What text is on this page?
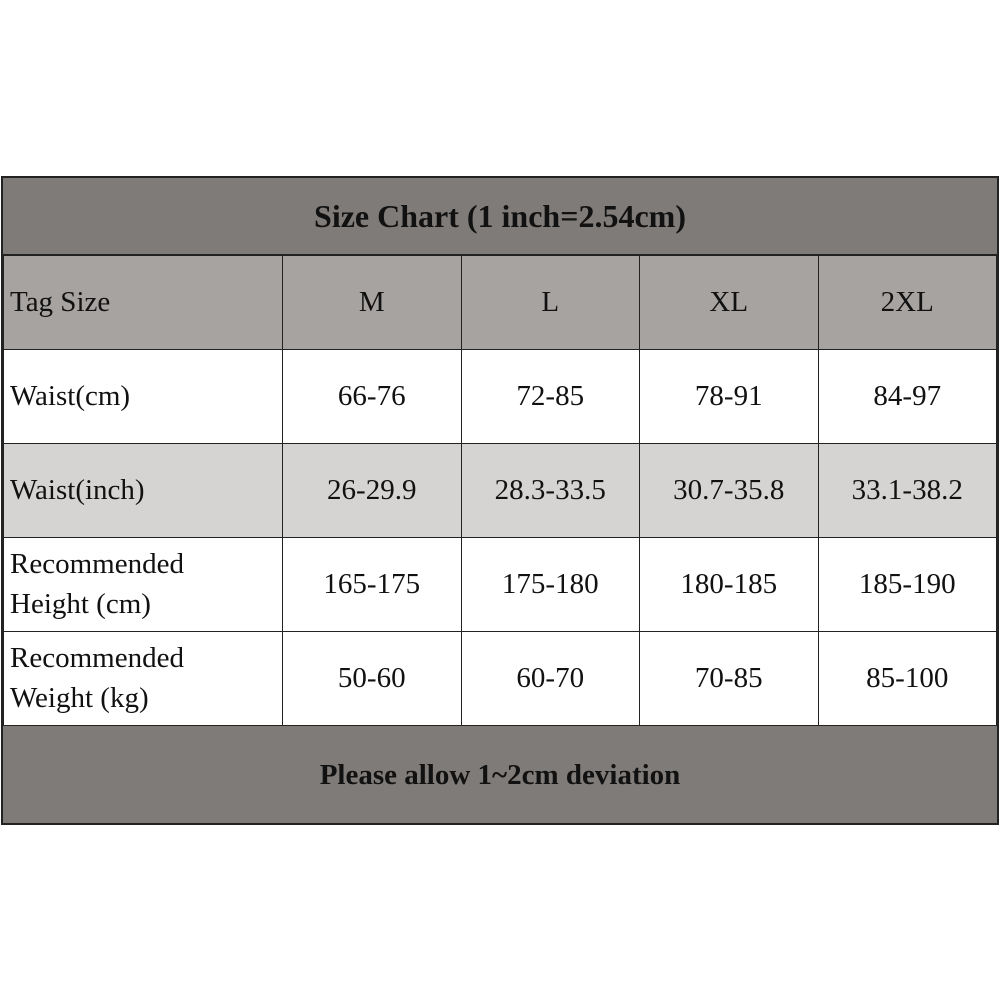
Size Chart (1 inch=2.54cm)
Tag Size	M	L	XL	2XL

Waist(cm)	66-76	72-85	78-91	84-97

Waist(inch)	26-29.9	28.3-33.5	30.7-35.8	33.1-38.2

Recommended
Height (cm)	165-175	175-180	180-185	185-190

Recommended
Weight (kg)	50-60	60-70	70-85	85-100
Please allow 1~2cm deviation
